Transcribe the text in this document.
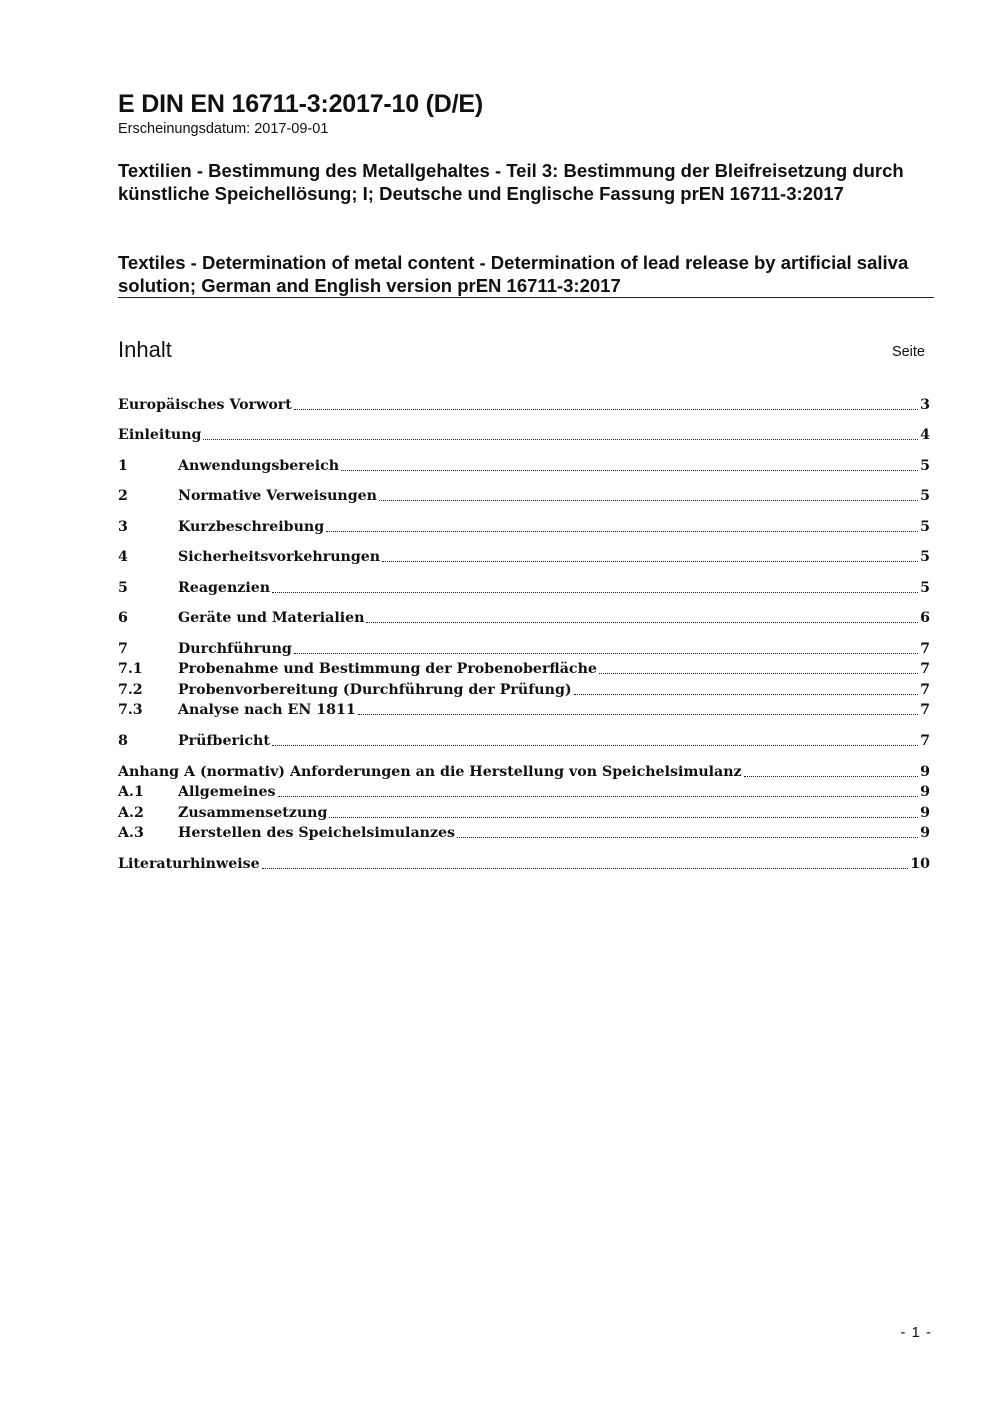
E DIN EN 16711-3:2017-10 (D/E)
Erscheinungsdatum: 2017-09-01
Textilien - Bestimmung des Metallgehaltes - Teil 3: Bestimmung der Bleifreisetzung durch künstliche Speichellösung; I; Deutsche und Englische Fassung prEN 16711-3:2017
Textiles - Determination of metal content - Determination of lead release by artificial saliva solution; German and English version prEN 16711-3:2017
Inhalt	Seite
Europäisches Vorwort	3
Einleitung	4
1	Anwendungsbereich	5
2	Normative Verweisungen	5
3	Kurzbeschreibung	5
4	Sicherheitsvorkehrungen	5
5	Reagenzien	5
6	Geräte und Materialien	6
7	Durchführung	7
7.1	Probenahme und Bestimmung der Probenoberfläche	7
7.2	Probenvorbereitung (Durchführung der Prüfung)	7
7.3	Analyse nach EN 1811	7
8	Prüfbericht	7
Anhang A (normativ) Anforderungen an die Herstellung von Speichelsimulanz	9
A.1	Allgemeines	9
A.2	Zusammensetzung	9
A.3	Herstellen des Speichelsimulanzes	9
Literaturhinweise	10
- 1 -
